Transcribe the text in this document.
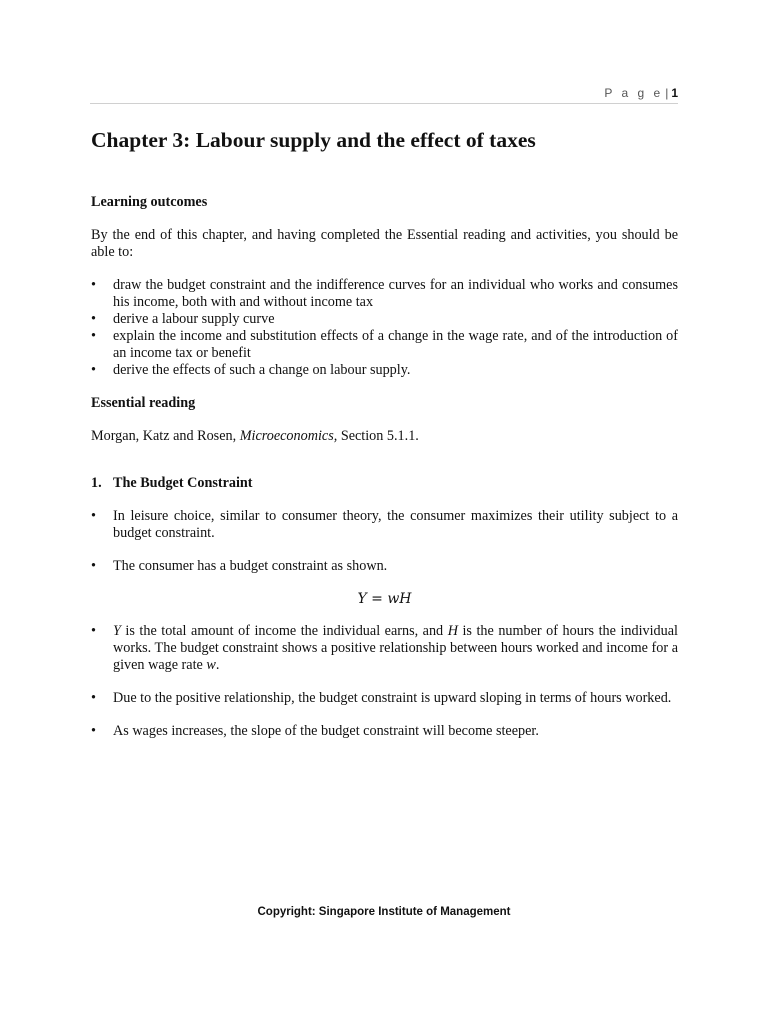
P a g e | 1
Chapter 3: Labour supply and the effect of taxes
Learning outcomes

By the end of this chapter, and having completed the Essential reading and activities, you should be able to:

• draw the budget constraint and the indifference curves for an individual who works and consumes his income, both with and without income tax
• derive a labour supply curve
• explain the income and substitution effects of a change in the wage rate, and of the introduction of an income tax or benefit
• derive the effects of such a change on labour supply.
Essential reading

Morgan, Katz and Rosen, Microeconomics, Section 5.1.1.

1. The Budget Constraint
• In leisure choice, similar to consumer theory, the consumer maximizes their utility subject to a budget constraint.
• The consumer has a budget constraint as shown.
Y = wH
• Y is the total amount of income the individual earns, and H is the number of hours the individual works. The budget constraint shows a positive relationship between hours worked and income for a given wage rate w.
• Due to the positive relationship, the budget constraint is upward sloping in terms of hours worked.
• As wages increases, the slope of the budget constraint will become steeper.
Copyright: Singapore Institute of Management
